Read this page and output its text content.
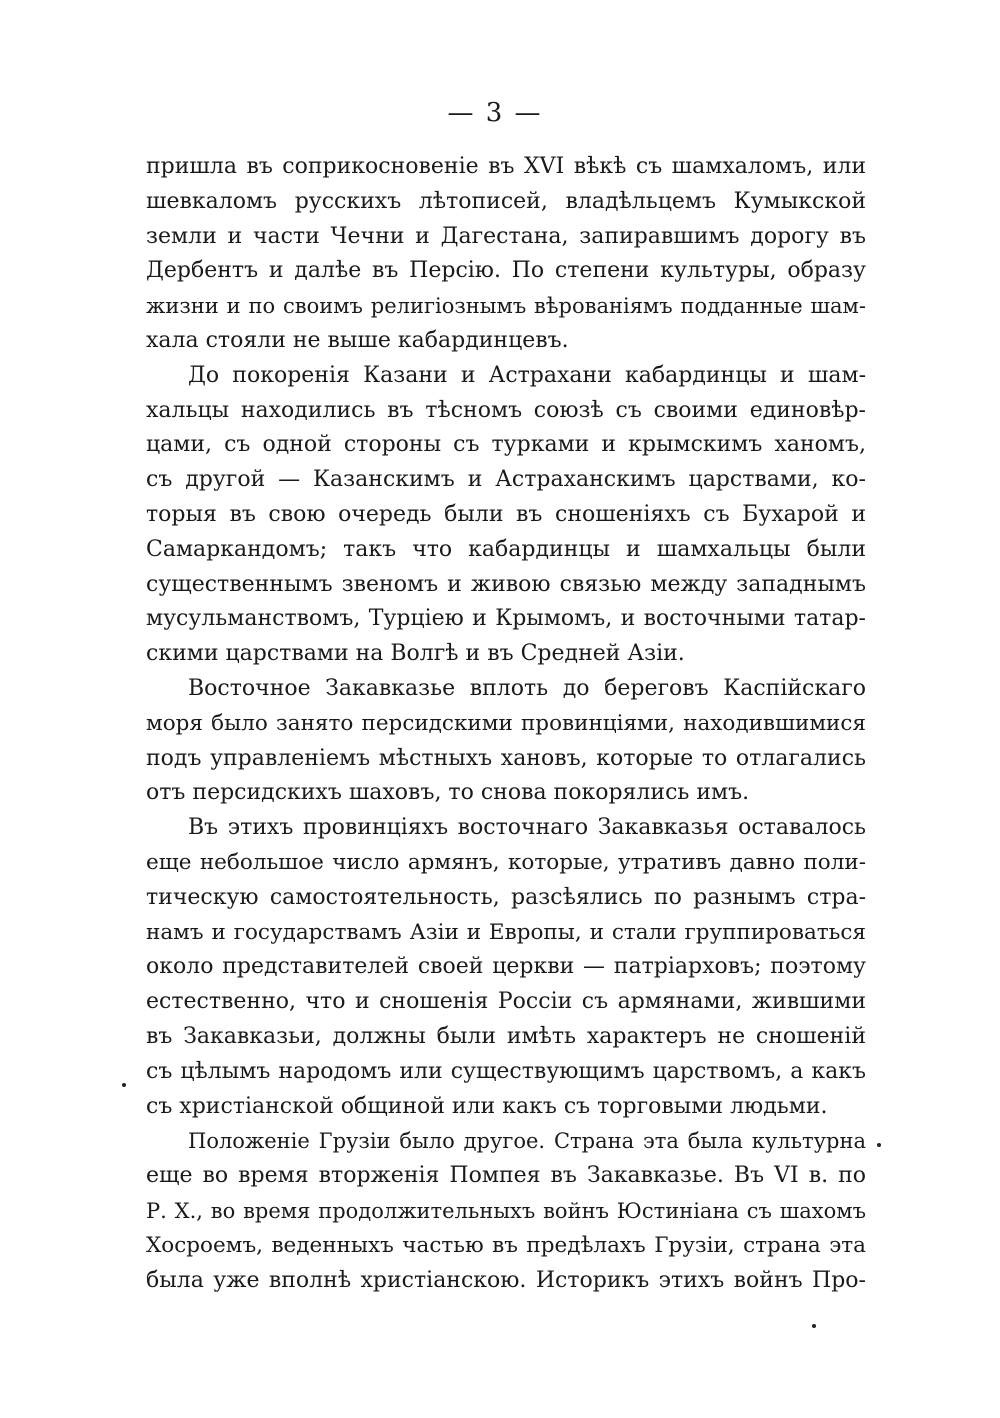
— 3 —
пришла въ соприкосновенie въ XVI вѣкѣ съ шамхаломъ, или
шевкаломъ русскихъ лѣтописей, владѣльцемъ Кумыкской
земли и части Чечни и Дагестана, запиравшимъ дорогу въ
Дербентъ и далѣе въ Персiю. По степени культуры, образу
жизни и по своимъ религiознымъ вѣрованiямъ подданные шам-
хала стояли не выше кабардинцевъ.
До покоренiя Казани и Астрахани кабардинцы и шам-
хальцы находились въ тѣсномъ союзѣ съ своими единовѣр-
цами, съ одной стороны съ турками и крымскимъ ханомъ,
съ другой — Казанскимъ и Астраханскимъ царствами, ко-
торыя въ свою очередь были въ сношенiяхъ съ Бухарой и
Самаркандомъ; такъ что кабардинцы и шамхальцы были
существеннымъ звеномъ и живою связью между западнымъ
мусульманствомъ, Турцiею и Крымомъ, и восточными татар-
скими царствами на Волгѣ и въ Средней Азiи.
Восточное Закавказье вплоть до береговъ Каспiйскаго
моря было занято персидскими провинцiями, находившимися
подъ управленiемъ мѣстныхъ хановъ, которые то отлагались
отъ персидскихъ шаховъ, то снова покорялись имъ.
Въ этихъ провинцiяхъ восточнаго Закавказья оставалось
еще небольшое число армянъ, которые, утративъ давно поли-
тическую самостоятельность, разсѣялись по разнымъ стра-
намъ и государствамъ Азiи и Европы, и стали группироваться
около представителей своей церкви — патрiарховъ; поэтому
естественно, что и сношенiя Россiи съ армянами, жившими
въ Закавказьи, должны были имѣть характеръ не сношенiй
съ цѣлымъ народомъ или существующимъ царствомъ, а какъ
съ христiанской общиной или какъ съ торговыми людьми.
Положенiе Грузiи было другое. Страна эта была культурна
еще во время вторженiя Помпея въ Закавказье. Въ VI в. по
Р. X., во время продолжительныхъ войнъ Юстинiана съ шахомъ
Хосроемъ, веденныхъ частью въ предѣлахъ Грузiи, страна эта
была уже вполнѣ христiанскою. Историкъ этихъ войнъ Про-
